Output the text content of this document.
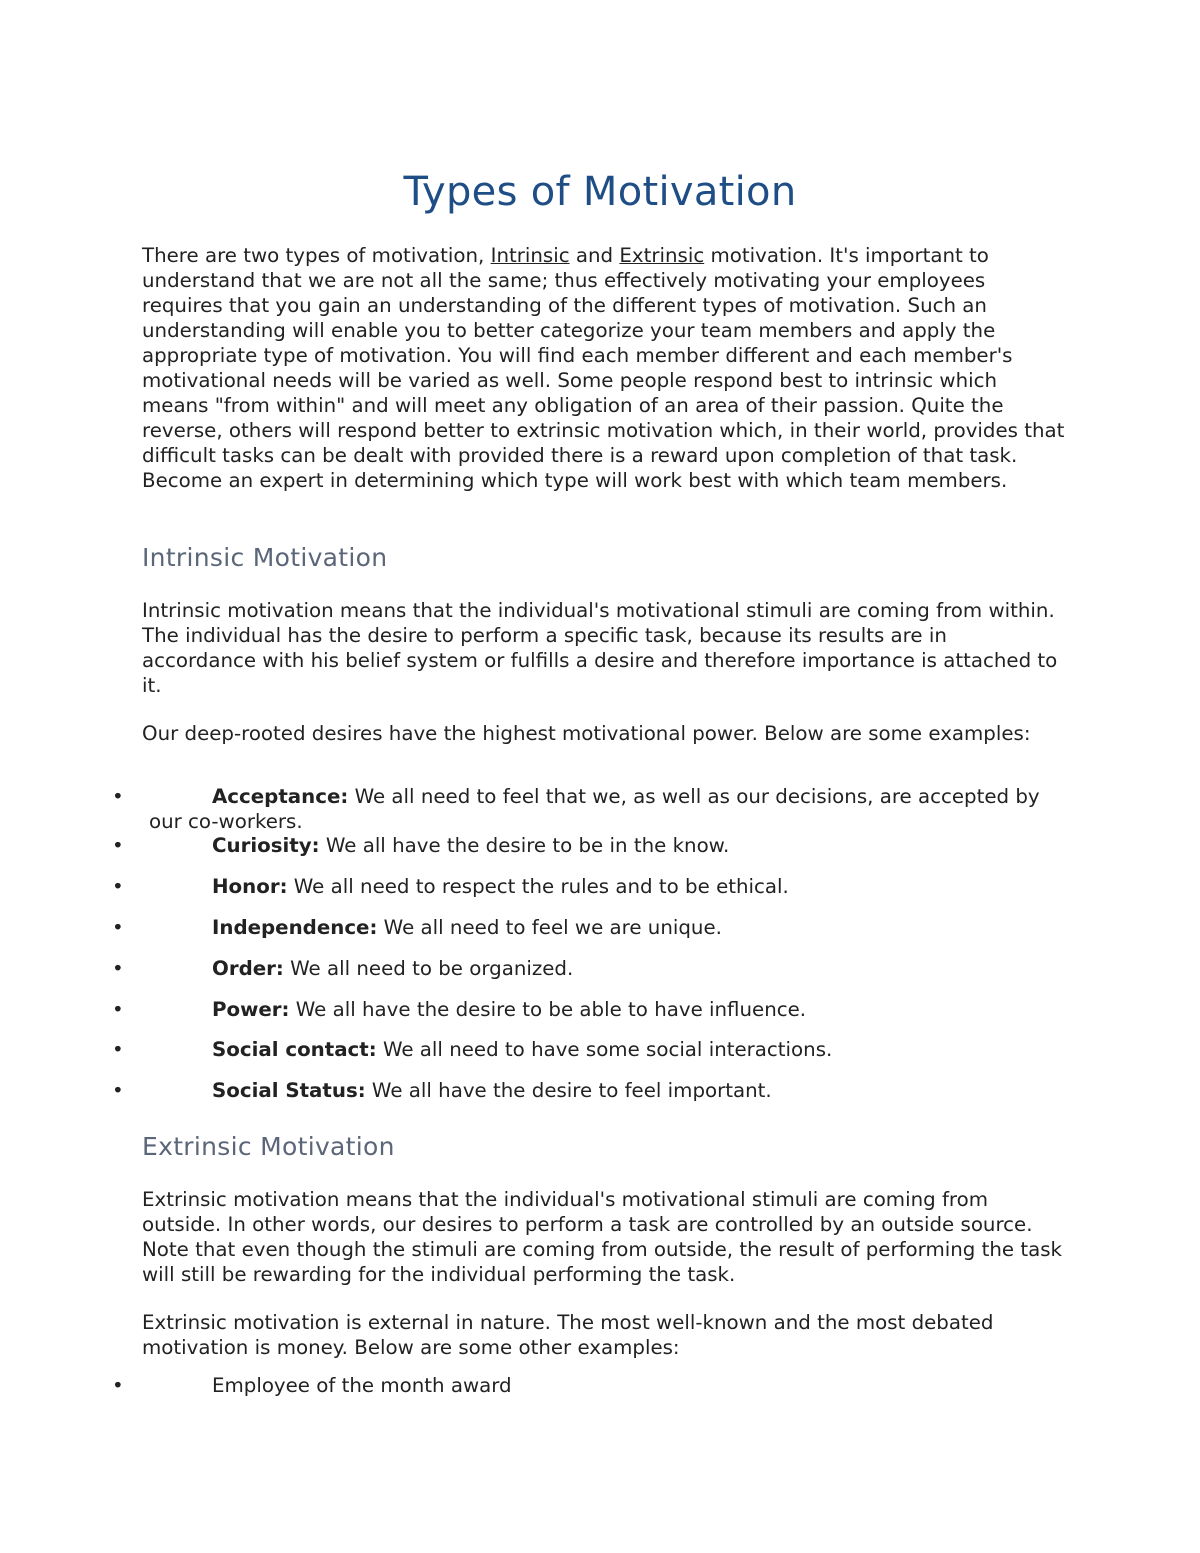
Types of Motivation

There are two types of motivation, Intrinsic and Extrinsic motivation. It's important to understand that we are not all the same; thus effectively motivating your employees requires that you gain an understanding of the different types of motivation. Such an understanding will enable you to better categorize your team members and apply the appropriate type of motivation. You will find each member different and each member's motivational needs will be varied as well. Some people respond best to intrinsic which means "from within" and will meet any obligation of an area of their passion. Quite the reverse, others will respond better to extrinsic motivation which, in their world, provides that difficult tasks can be dealt with provided there is a reward upon completion of that task. Become an expert in determining which type will work best with which team members.

Intrinsic Motivation

Intrinsic motivation means that the individual's motivational stimuli are coming from within. The individual has the desire to perform a specific task, because its results are in accordance with his belief system or fulfills a desire and therefore importance is attached to it.

Our deep-rooted desires have the highest motivational power. Below are some examples:

•	Acceptance: We all need to feel that we, as well as our decisions, are accepted by our co-workers.
•	Curiosity: We all have the desire to be in the know.
•	Honor: We all need to respect the rules and to be ethical.
•	Independence: We all need to feel we are unique.
•	Order: We all need to be organized.
•	Power: We all have the desire to be able to have influence.
•	Social contact: We all need to have some social interactions.
•	Social Status: We all have the desire to feel important.
Extrinsic Motivation

Extrinsic motivation means that the individual's motivational stimuli are coming from outside. In other words, our desires to perform a task are controlled by an outside source. Note that even though the stimuli are coming from outside, the result of performing the task will still be rewarding for the individual performing the task.

Extrinsic motivation is external in nature. The most well-known and the most debated motivation is money. Below are some other examples:

•	Employee of the month award
